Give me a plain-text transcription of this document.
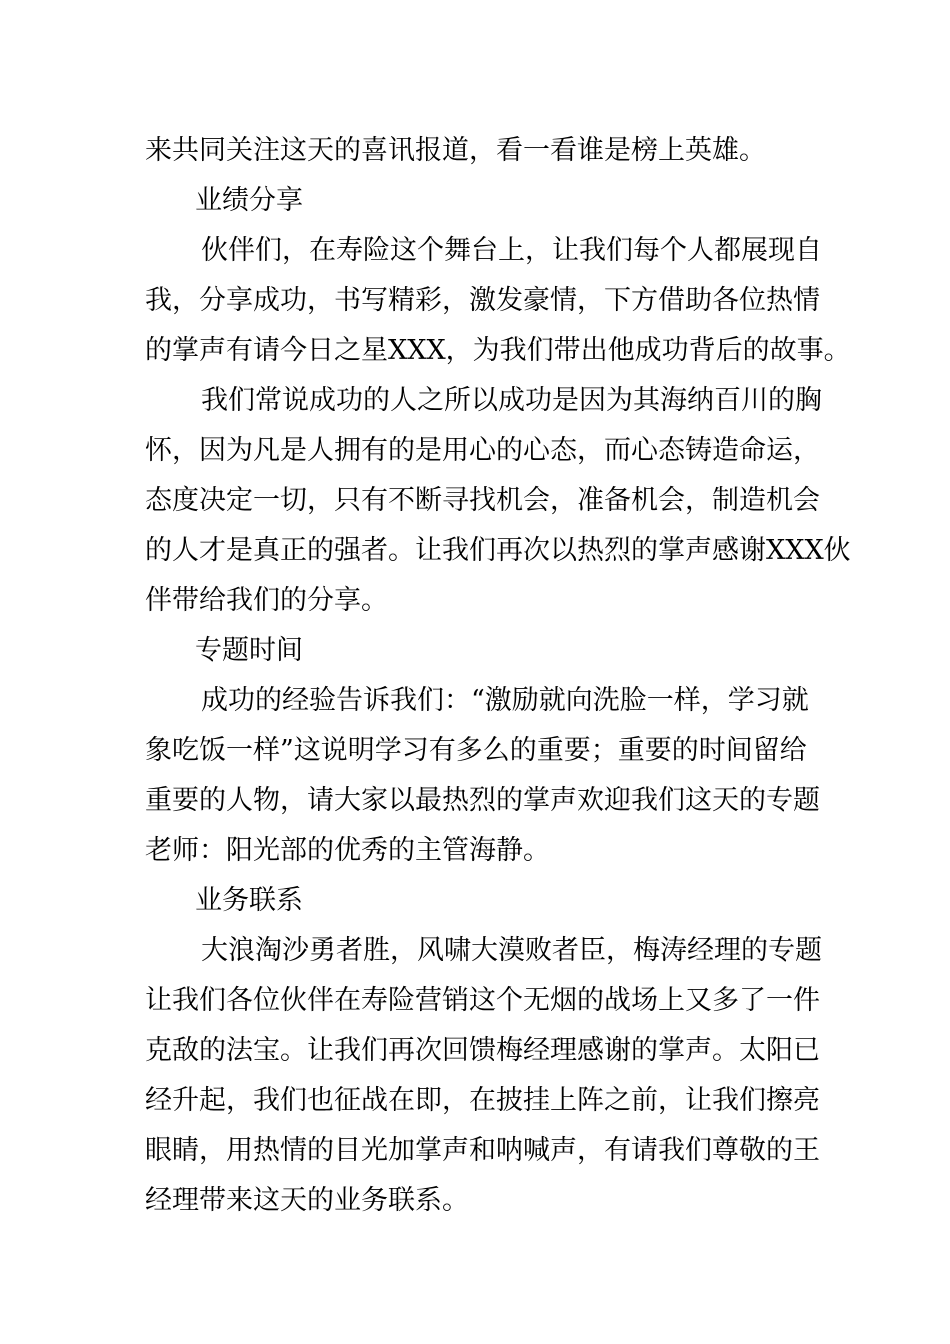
来共同关注这天的喜讯报道，看一看谁是榜上英雄。
业绩分享
伙伴们，在寿险这个舞台上，让我们每个人都展现自
我，分享成功，书写精彩，激发豪情，下方借助各位热情
的掌声有请今日之星XXX，为我们带出他成功背后的故事。
我们常说成功的人之所以成功是因为其海纳百川的胸
怀，因为凡是人拥有的是用心的心态，而心态铸造命运，
态度决定一切，只有不断寻找机会，准备机会，制造机会
的人才是真正的强者。让我们再次以热烈的掌声感谢XXX伙
伴带给我们的分享。
专题时间
成功的经验告诉我们：“激励就向洗脸一样，学习就
象吃饭一样”这说明学习有多么的重要；重要的时间留给
重要的人物，请大家以最热烈的掌声欢迎我们这天的专题
老师：阳光部的优秀的主管海静。
业务联系
大浪淘沙勇者胜，风啸大漠败者臣，梅涛经理的专题
让我们各位伙伴在寿险营销这个无烟的战场上又多了一件
克敌的法宝。让我们再次回馈梅经理感谢的掌声。太阳已
经升起，我们也征战在即，在披挂上阵之前，让我们擦亮
眼睛，用热情的目光加掌声和呐喊声，有请我们尊敬的王
经理带来这天的业务联系。
